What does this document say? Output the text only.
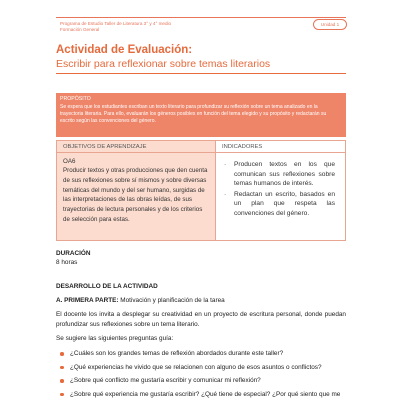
Programa de Estudio Taller de Literatura 3° y 4° medio
Formación General
Unidad 1
Actividad de Evaluación:
Escribir para reflexionar sobre temas literarios
PROPÓSITO
Se espera que los estudiantes escriban un texto literario para profundizar su reflexión sobre un tema analizado en la trayectoria literaria. Para ello, evaluarán los géneros posibles en función del tema elegido y su propósito y redactarán su escrito según las convenciones del género.
OBJETIVOS DE APRENDIZAJE
OA6
Producir textos y otras producciones que den cuenta de sus reflexiones sobre sí mismos y sobre diversas temáticas del mundo y del ser humano, surgidas de las interpretaciones de las obras leídas, de sus trayectorias de lectura personales y de los criterios de selección para estas.
INDICADORES
· Producen textos en los que comunican sus reflexiones sobre temas humanos de interés.
· Redactan un escrito, basados en un plan que respeta las convenciones del género.
DURACIÓN
8 horas
DESARROLLO DE LA ACTIVIDAD
A. PRIMERA PARTE: Motivación y planificación de la tarea
El docente los invita a desplegar su creatividad en un proyecto de escritura personal, donde puedan profundizar sus reflexiones sobre un tema literario.
Se sugiere las siguientes preguntas guía:
¿Cuáles son los grandes temas de reflexión abordados durante este taller?
¿Qué experiencias he vivido que se relacionen con alguno de esos asuntos o conflictos?
¿Sobre qué conflicto me gustaría escribir y comunicar mi reflexión?
¿Sobre qué experiencia me gustaría escribir? ¿Qué tiene de especial? ¿Por qué siento que me
